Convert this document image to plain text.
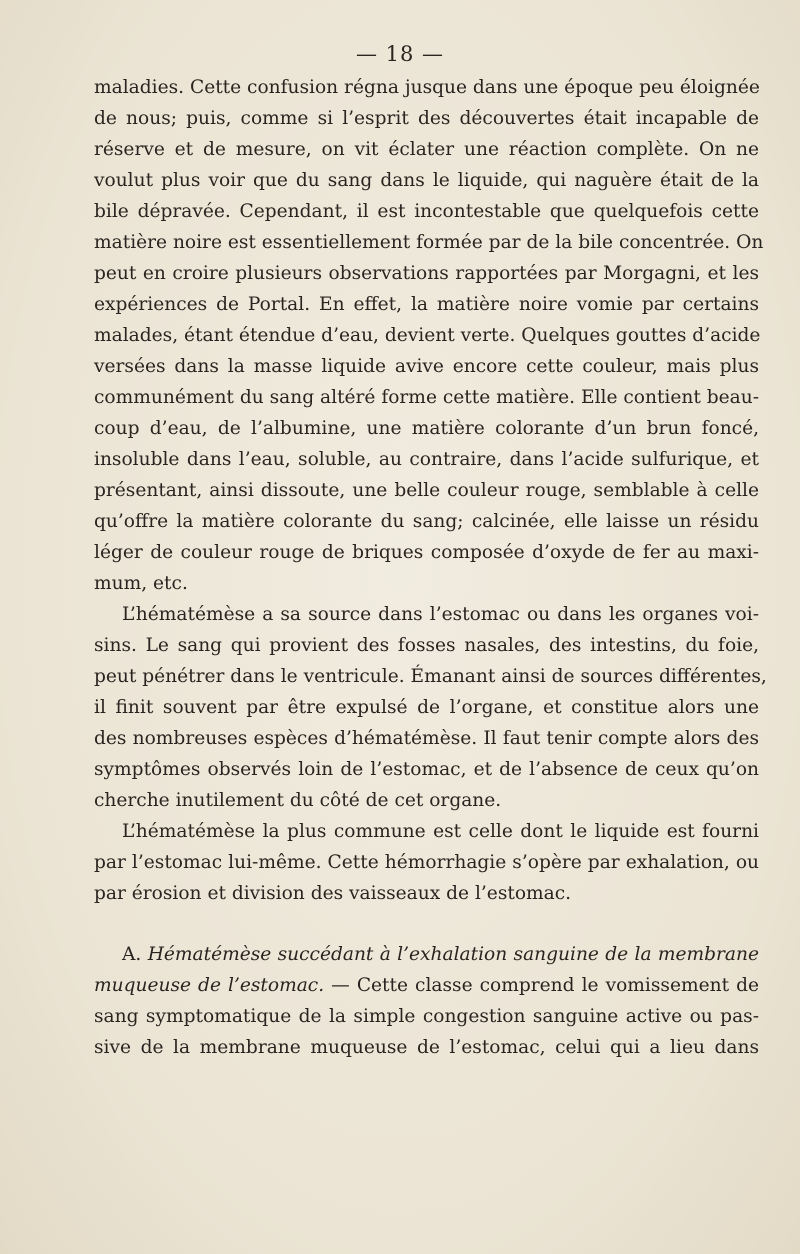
— 18 —
maladies. Cette confusion régna jusque dans une époque peu éloignée
de nous; puis, comme si l’esprit des découvertes était incapable de
réserve et de mesure, on vit éclater une réaction complète. On ne
voulut plus voir que du sang dans le liquide, qui naguère était de la
bile dépravée. Cependant, il est incontestable que quelquefois cette
matière noire est essentiellement formée par de la bile concentrée. On
peut en croire plusieurs observations rapportées par Morgagni, et les
expériences de Portal. En effet, la matière noire vomie par certains
malades, étant étendue d’eau, devient verte. Quelques gouttes d’acide
versées dans la masse liquide avive encore cette couleur, mais plus
communément du sang altéré forme cette matière. Elle contient beau-
coup d’eau, de l’albumine, une matière colorante d’un brun foncé,
insoluble dans l’eau, soluble, au contraire, dans l’acide sulfurique, et
présentant, ainsi dissoute, une belle couleur rouge, semblable à celle
qu’offre la matière colorante du sang; calcinée, elle laisse un résidu
léger de couleur rouge de briques composée d’oxyde de fer au maxi-
mum, etc.
L’hématémèse a sa source dans l’estomac ou dans les organes voi-
sins. Le sang qui provient des fosses nasales, des intestins, du foie,
peut pénétrer dans le ventricule. Émanant ainsi de sources différentes,
il finit souvent par être expulsé de l’organe, et constitue alors une
des nombreuses espèces d’hématémèse. Il faut tenir compte alors des
symptômes observés loin de l’estomac, et de l’absence de ceux qu’on
cherche inutilement du côté de cet organe.
L’hématémèse la plus commune est celle dont le liquide est fourni
par l’estomac lui-même. Cette hémorrhagie s’opère par exhalation, ou
par érosion et division des vaisseaux de l’estomac.
A. Hématémèse succédant à l’exhalation sanguine de la membrane
muqueuse de l’estomac. — Cette classe comprend le vomissement de
sang symptomatique de la simple congestion sanguine active ou pas-
sive de la membrane muqueuse de l’estomac, celui qui a lieu dans
